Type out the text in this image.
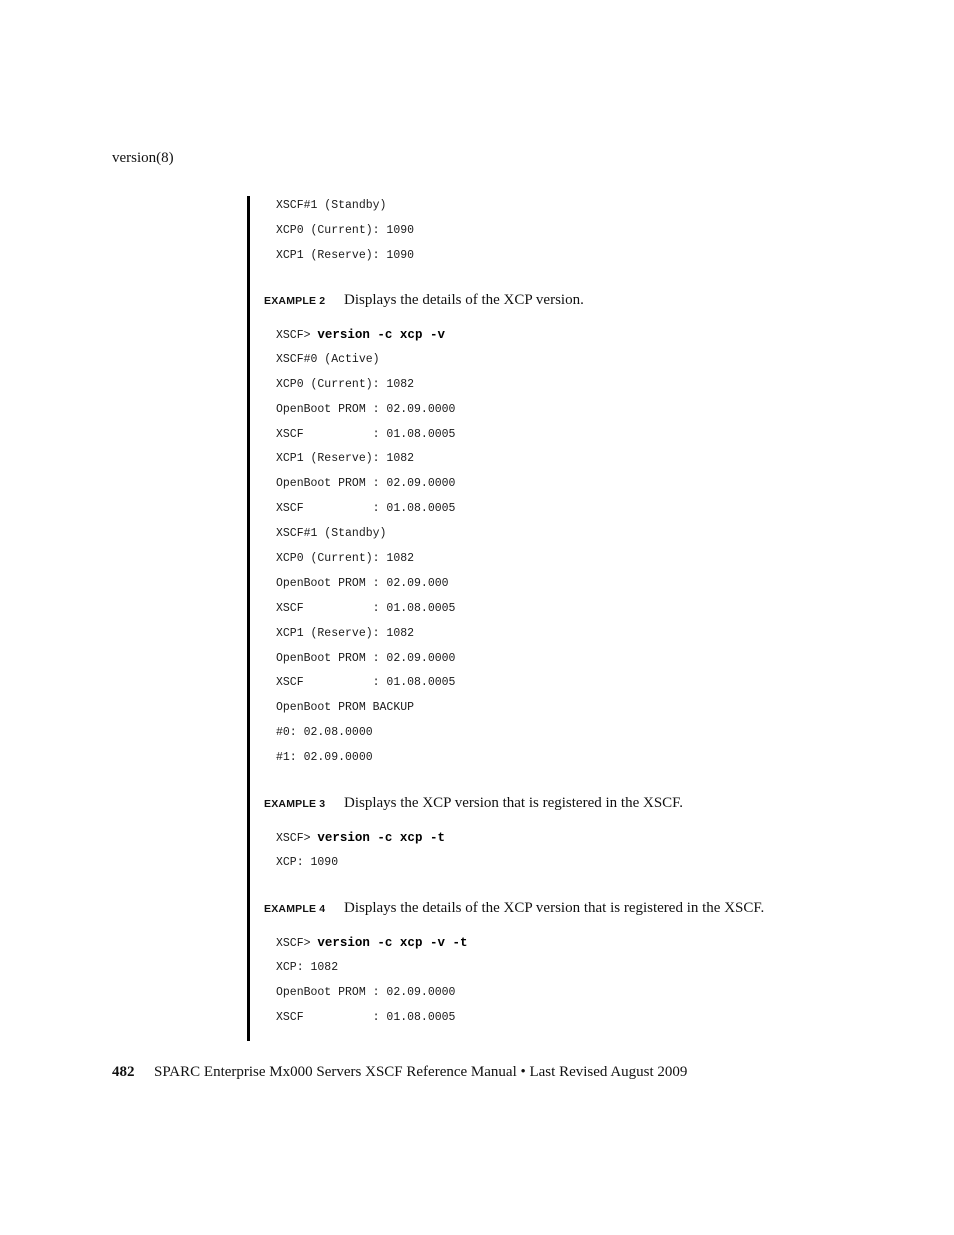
version(8)
XSCF#1 (Standby)
XCP0 (Current): 1090
XCP1 (Reserve): 1090
EXAMPLE 2 Displays the details of the XCP version.
XSCF> version -c xcp -v
XSCF#0 (Active)
XCP0 (Current): 1082
OpenBoot PROM : 02.09.0000
XSCF          : 01.08.0005
XCP1 (Reserve): 1082
OpenBoot PROM : 02.09.0000
XSCF          : 01.08.0005
XSCF#1 (Standby)
XCP0 (Current): 1082
OpenBoot PROM : 02.09.000
XSCF          : 01.08.0005
XCP1 (Reserve): 1082
OpenBoot PROM : 02.09.0000
XSCF          : 01.08.0005
OpenBoot PROM BACKUP
#0: 02.08.0000
#1: 02.09.0000
EXAMPLE 3 Displays the XCP version that is registered in the XSCF.
XSCF> version -c xcp -t
XCP: 1090
EXAMPLE 4 Displays the details of the XCP version that is registered in the XSCF.
XSCF> version -c xcp -v -t
XCP: 1082
OpenBoot PROM : 02.09.0000
XSCF          : 01.08.0005
482 SPARC Enterprise Mx000 Servers XSCF Reference Manual • Last Revised August 2009
